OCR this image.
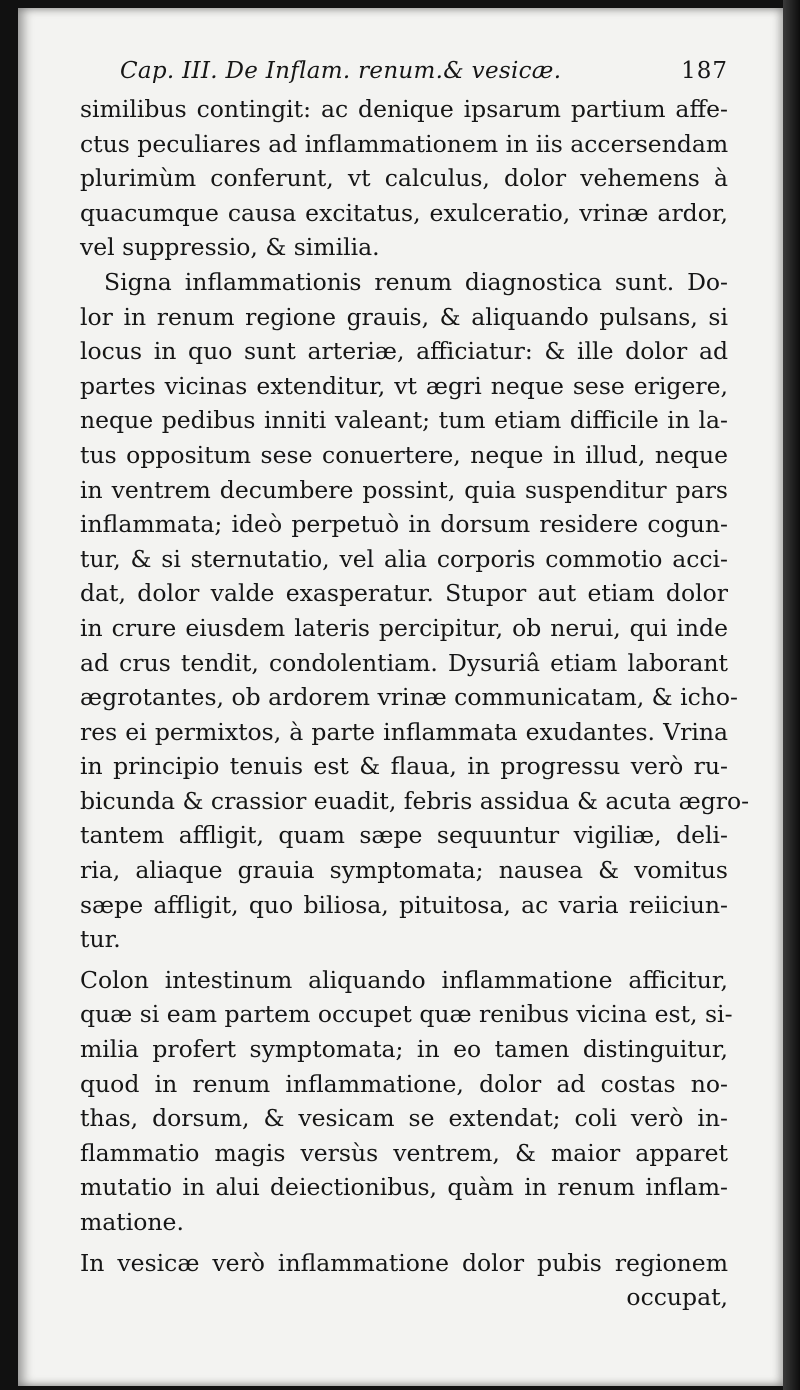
Cap. III. De Inflam. renum.& vesicæ.	187
similibus contingit: ac denique ipsarum partium affe-
ctus peculiares ad inflammationem in iis accersendam
plurimùm conferunt, vt calculus, dolor vehemens à
quacumque causa excitatus, exulceratio, vrinæ ardor,
vel suppressio, & similia.
Signa inflammationis renum diagnostica sunt. Do-
lor in renum regione grauis, & aliquando pulsans, si
locus in quo sunt arteriæ, afficiatur: & ille dolor ad
partes vicinas extenditur, vt ægri neque sese erigere,
neque pedibus inniti valeant; tum etiam difficile in la-
tus oppositum sese conuertere, neque in illud, neque
in ventrem decumbere possint, quia suspenditur pars
inflammata; ideò perpetuò in dorsum residere cogun-
tur, & si sternutatio, vel alia corporis commotio acci-
dat, dolor valde exasperatur. Stupor aut etiam dolor
in crure eiusdem lateris percipitur, ob nerui, qui inde
ad crus tendit, condolentiam. Dysuriâ etiam laborant
ægrotantes, ob ardorem vrinæ communicatam, & icho-
res ei permixtos, à parte inflammata exudantes. Vrina
in principio tenuis est & flaua, in progressu verò ru-
bicunda & crassior euadit, febris assidua & acuta ægro-
tantem affligit, quam sæpe sequuntur vigiliæ, deli-
ria, aliaque grauia symptomata; nausea & vomitus
sæpe affligit, quo biliosa, pituitosa, ac varia reiiciun-
tur.
Colon intestinum aliquando inflammatione afficitur,
quæ si eam partem occupet quæ renibus vicina est, si-
milia profert symptomata; in eo tamen distinguitur,
quod in renum inflammatione, dolor ad costas no-
thas, dorsum, & vesicam se extendat; coli verò in-
flammatio magis versùs ventrem, & maior apparet
mutatio in alui deiectionibus, quàm in renum inflam-
matione.
In vesicæ verò inflammatione dolor pubis regionem
occupat,
